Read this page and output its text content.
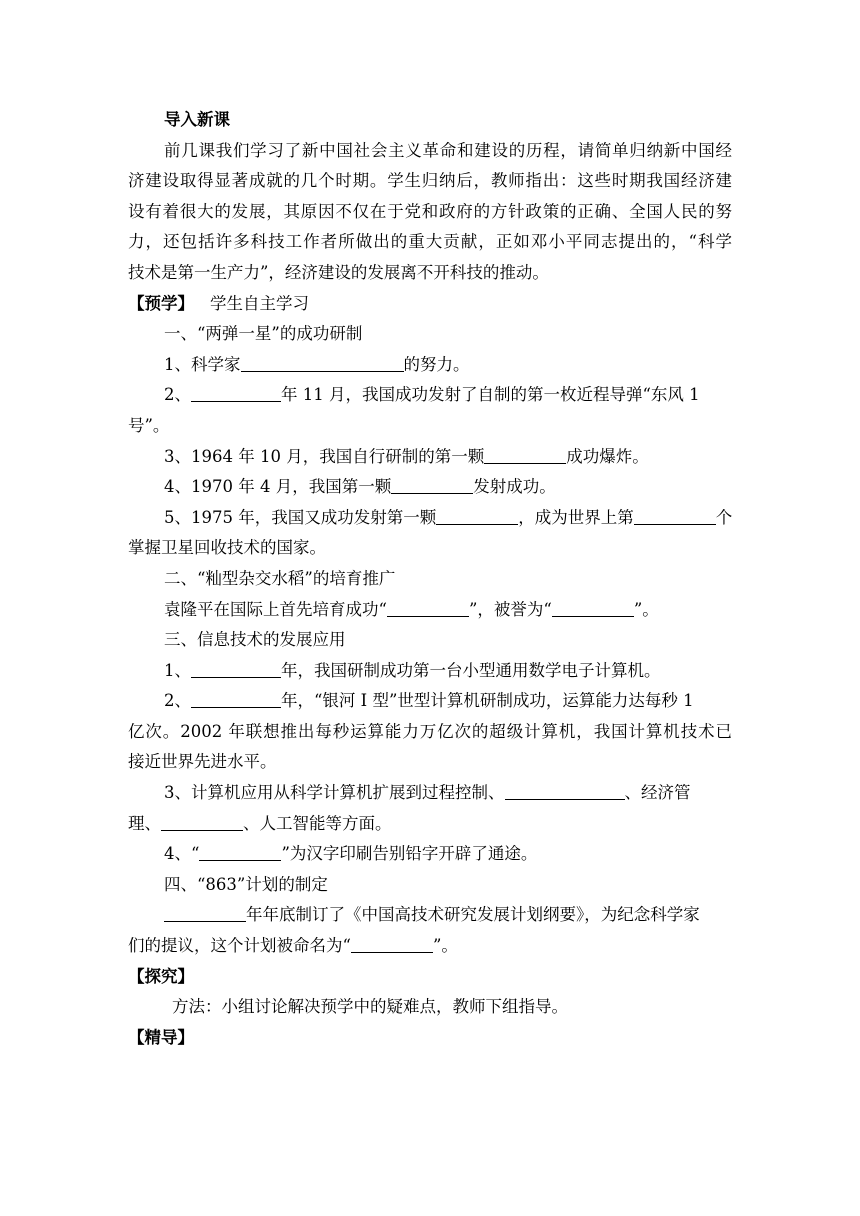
导入新课
前几课我们学习了新中国社会主义革命和建设的历程，请简单归纳新中国经
济建设取得显著成就的几个时期。学生归纳后，教师指出：这些时期我国经济建
设有着很大的发展，其原因不仅在于党和政府的方针政策的正确、全国人民的努
力，还包括许多科技工作者所做出的重大贡献，正如邓小平同志提出的，“科学
技术是第一生产力”，经济建设的发展离不开科技的推动。
【预学】 学生自主学习
一、“两弹一星”的成功研制
1、科学家	的努力。
2、	年 11 月，我国成功发射了自制的第一枚近程导弹“东风 1
号”。
3、1964 年 10 月，我国自行研制的第一颗	成功爆炸。
4、1970 年 4 月，我国第一颗	发射成功。
5、1975 年，我国又成功发射第一颗	，成为世界上第	个
掌握卫星回收技术的国家。
二、“籼型杂交水稻”的培育推广
袁隆平在国际上首先培育成功“	”，被誉为“	”。
三、信息技术的发展应用
1、	年，我国研制成功第一台小型通用数学电子计算机。
2、	年，“银河 I 型”世型计算机研制成功，运算能力达每秒 1
亿次。2002 年联想推出每秒运算能力万亿次的超级计算机，我国计算机技术已
接近世界先进水平。
3、计算机应用从科学计算机扩展到过程控制、	、经济管
理、	、人工智能等方面。
4、“	”为汉字印刷告别铅字开辟了通途。
四、“863”计划的制定
年年底制订了《中国高技术研究发展计划纲要》，为纪念科学家
们的提议，这个计划被命名为“	”。
【探究】
方法：小组讨论解决预学中的疑难点，教师下组指导。
【精导】
